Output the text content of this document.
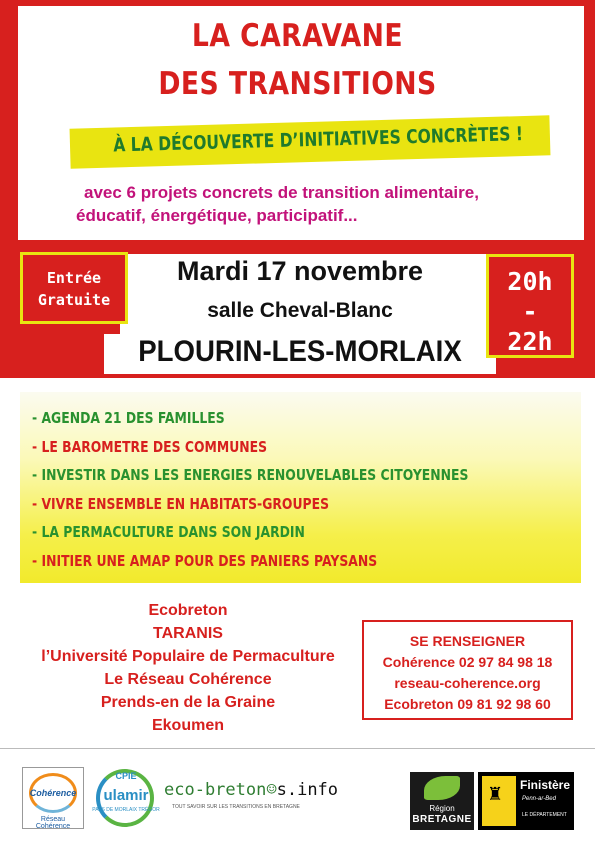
LA CARAVANE
DES TRANSITIONS
À LA DÉCOUVERTE D’INITIATIVES CONCRÈTES !
avec 6 projets concrets de transition alimentaire,
éducatif, énergétique, participatif...
Entrée
Gratuite
Mardi 17 novembre
salle Cheval-Blanc
PLOURIN-LES-MORLAIX
20h
-
22h
- AGENDA 21 DES FAMILLES
- LE BAROMETRE DES COMMUNES
- INVESTIR DANS LES ENERGIES RENOUVELABLES CITOYENNES
- VIVRE ENSEMBLE EN HABITATS-GROUPES
- LA PERMACULTURE DANS SON JARDIN
- INITIER UNE AMAP POUR DES PANIERS PAYSANS
Ecobreton
TARANIS
l’Université Populaire de Permaculture
Le Réseau Cohérence
Prends-en de la Graine
Ekoumen
SE RENSEIGNER
Cohérence 02 97 84 98 18
reseau-coherence.org
Ecobreton 09 81 92 98 60
Cohérence
Réseau Cohérence
CPIE
ulamir
PAYS DE MORLAIX TRÉGOR
eco-breton☺s.info
TOUT SAVOIR SUR LES TRANSITIONS EN BRETAGNE	Région
BRETAGNE
♜ Finistère
Penn-ar-Bed
LE DÉPARTEMENT
